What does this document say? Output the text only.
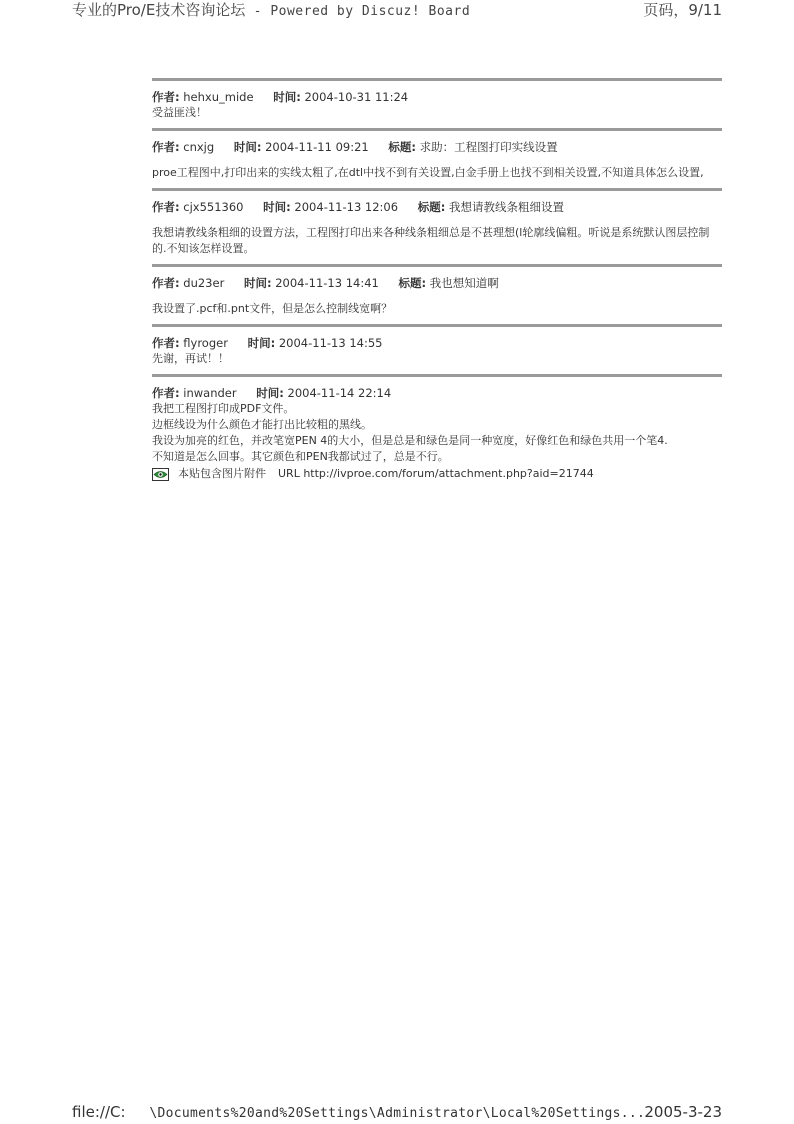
专业的Pro/E技术咨询论坛 - Powered by Discuz! Board	页码，9/11
作者: hehxu_mide 时间: 2004-10-31 11:24
受益匪浅！
作者: cnxjg 时间: 2004-11-11 09:21 标题: 求助：工程图打印实线设置
proe工程图中,打印出来的实线太粗了,在dtl中找不到有关设置,白金手册上也找不到相关设置,不知道具体怎么设置,
作者: cjx551360 时间: 2004-11-13 12:06 标题: 我想请教线条粗细设置
我想请教线条粗细的设置方法，工程图打印出来各种线条粗细总是不甚理想(l轮廓线偏粗。听说是系统默认图层控制的.不知该怎样设置。
作者: du23er 时间: 2004-11-13 14:41 标题: 我也想知道啊
我设置了.pcf和.pnt文件，但是怎么控制线宽啊？
作者: flyroger 时间: 2004-11-13 14:55
先谢，再试！！
作者: inwander 时间: 2004-11-14 22:14
我把工程图打印成PDF文件。
边框线设为什么颜色才能打出比较粗的黑线。
我设为加亮的红色，并改笔宽PEN 4的大小，但是总是和绿色是同一种宽度，好像红色和绿色共用一个笔4.
不知道是怎么回事。其它颜色和PEN我都试过了，总是不行。
本贴包含图片附件 URL
http://ivproe.com/forum/attachment.php?aid=21744
file://C: \Documents%20and%20Settings\Administrator\Local%20Settings... 2005-3-23
